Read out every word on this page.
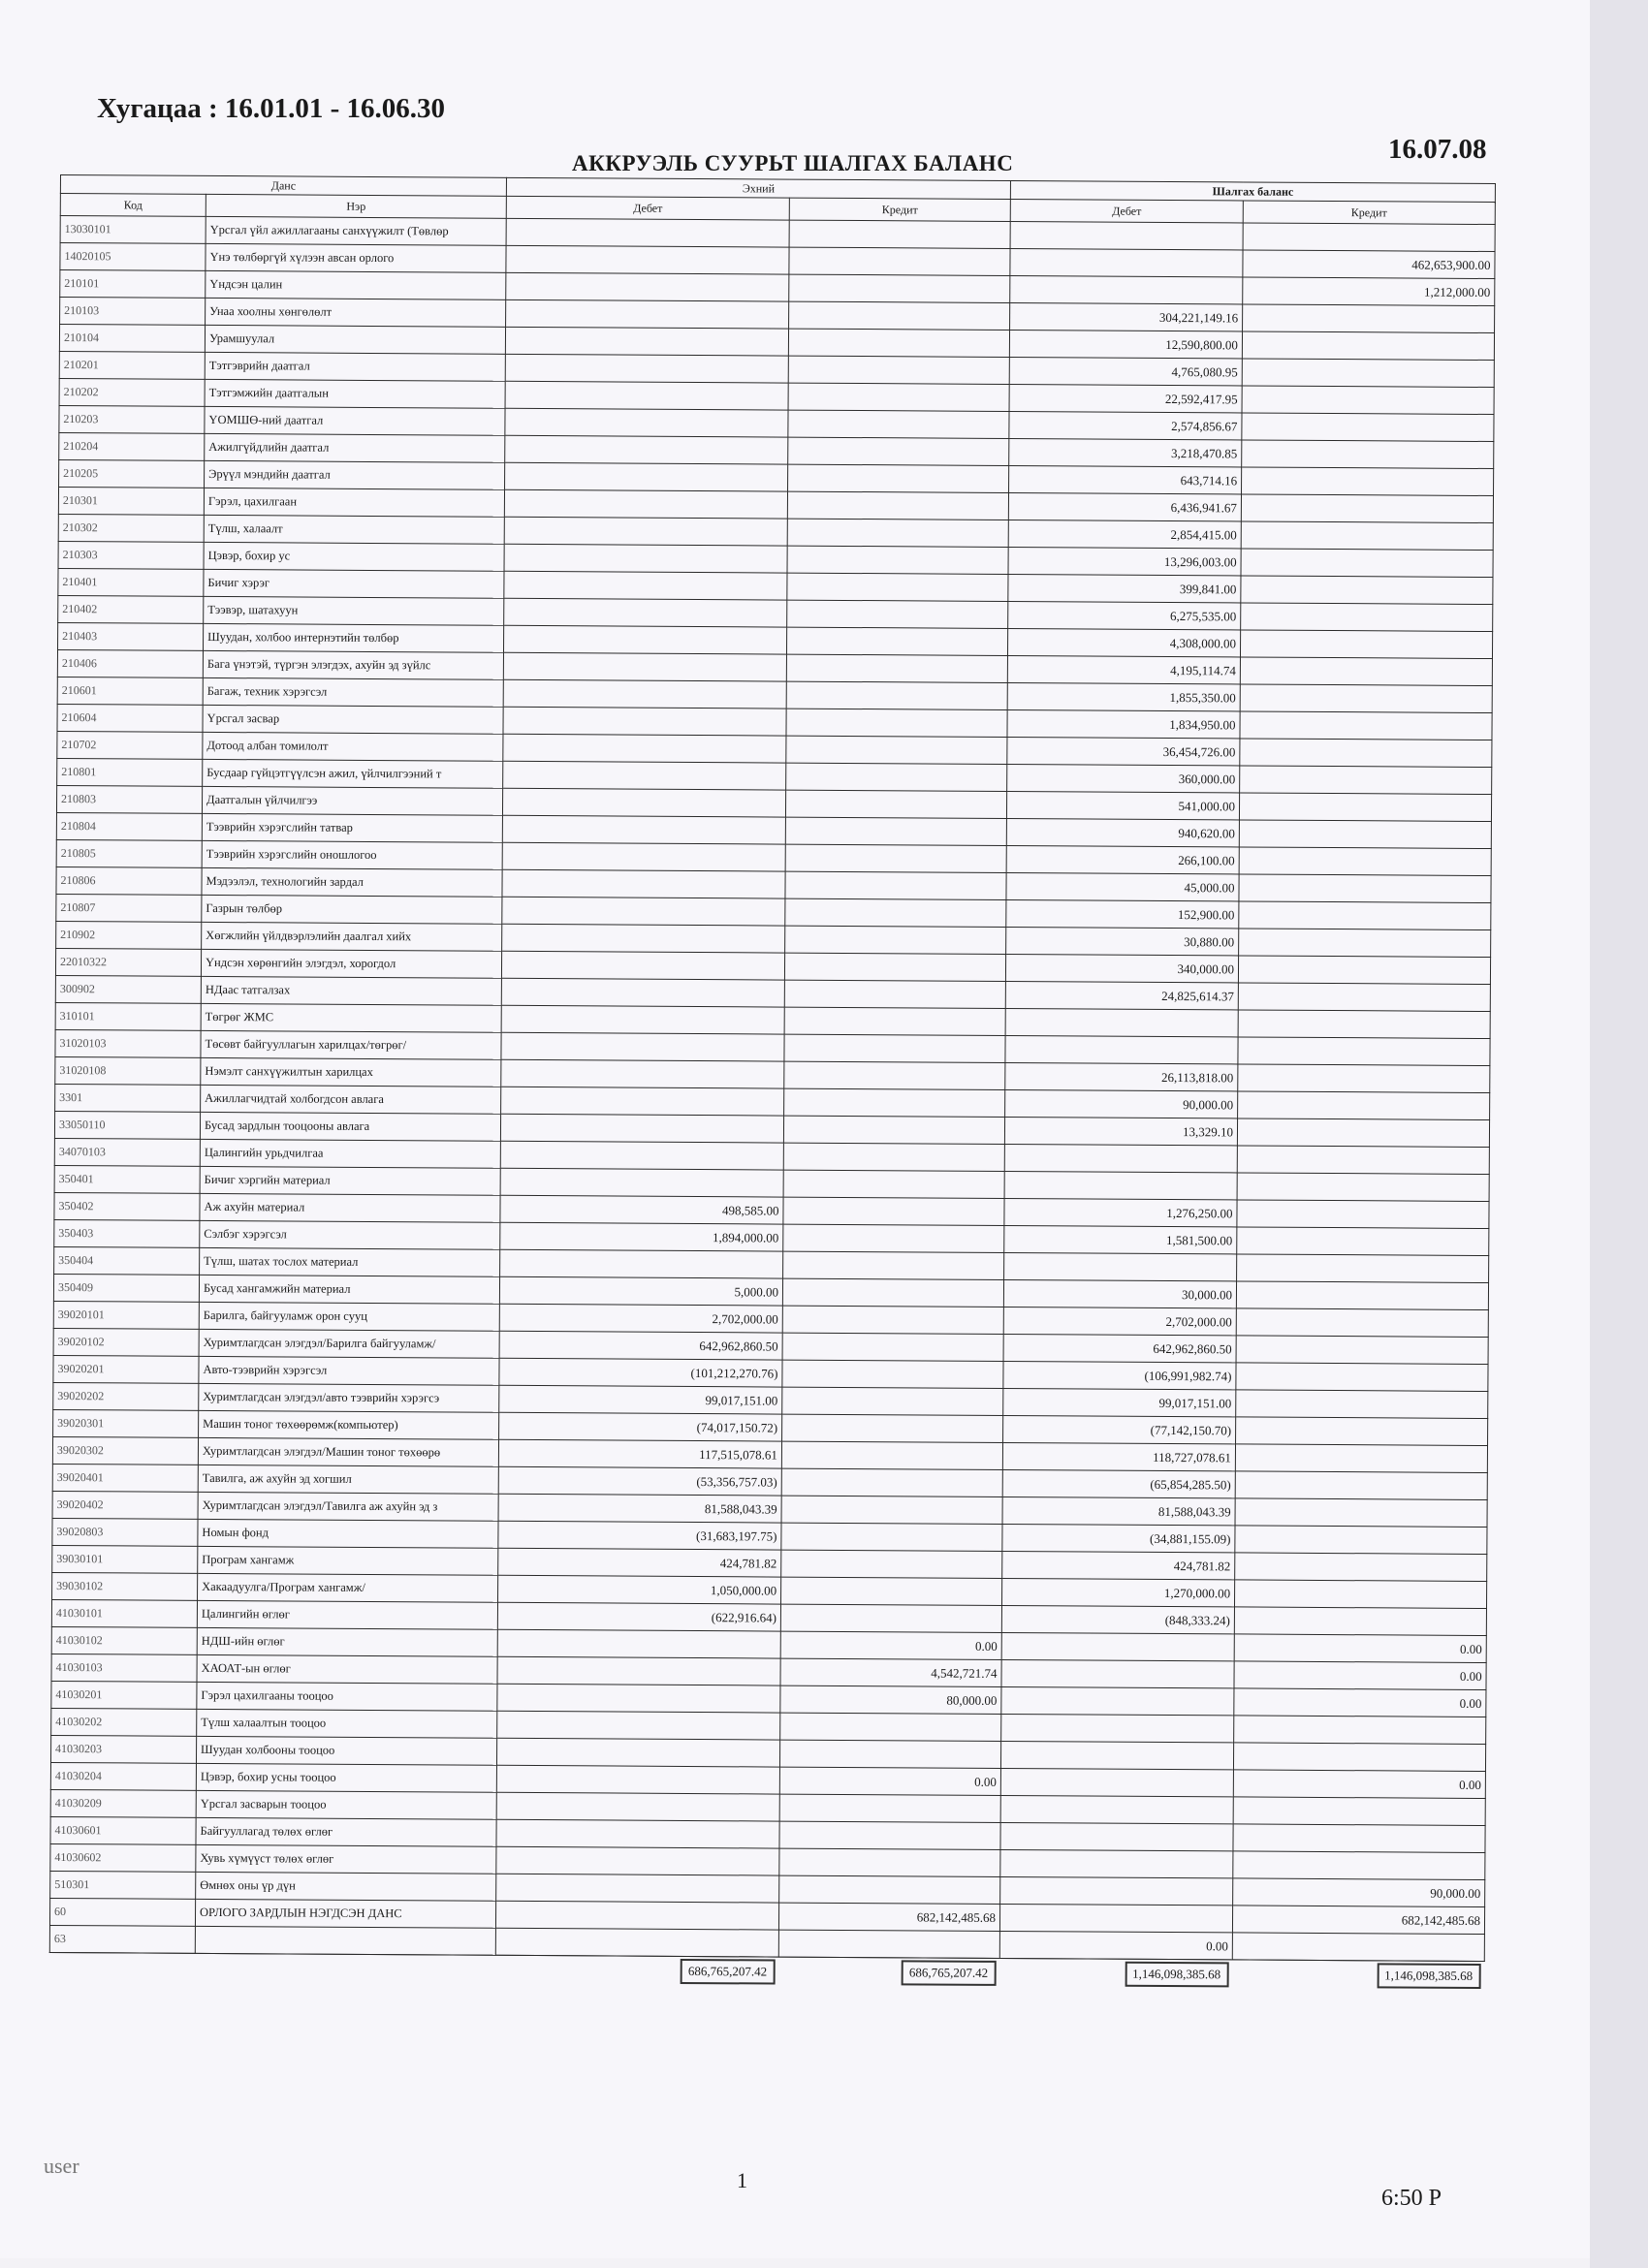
Хугацаа : 16.01.01 - 16.06.30
АККРУЭЛЬ СУУРЬТ ШАЛГАХ БАЛАНС	16.07.08
Данс		Эхний		Шалгах баланс	
Код	Нэр	Дебет	Кредит		
				Дебет	Кредит
13030101	Үрсгал үйл ажиллагааны санхүүжилт (Төвлөр				
14020105	Үнэ төлбөргүй хүлээн авсан орлого				462,653,900.00
210101	Үндсэн цалин				1,212,000.00
210103	Унаа хоолны хөнгөлөлт			304,221,149.16	
210104	Урамшуулал			12,590,800.00	
210201	Тэтгэврийн даатгал			4,765,080.95	
210202	Тэтгэмжийн даатгалын			22,592,417.95	
210203	ҮОМШӨ-ний даатгал			2,574,856.67	
210204	Ажилгүйдлийн даатгал			3,218,470.85	
210205	Эрүүл мэндийн даатгал			643,714.16	
210301	Гэрэл, цахилгаан			6,436,941.67	
210302	Түлш, халаалт			2,854,415.00	
210303	Цэвэр, бохир ус			13,296,003.00	
210401	Бичиг хэрэг			399,841.00	
210402	Тээвэр, шатахуун			6,275,535.00	
210403	Шуудан, холбоо интернэтийн төлбөр			4,308,000.00	
210406	Бага үнэтэй, түргэн элэгдэх, ахуйн эд зүйлс			4,195,114.74	
210601	Багаж, техник хэрэгсэл			1,855,350.00	
210604	Үрсгал засвар			1,834,950.00	
210702	Дотоод албан томилолт			36,454,726.00	
210801	Бусдаар гүйцэтгүүлсэн ажил, үйлчилгээний т			360,000.00	
210803	Даатгалын үйлчилгээ			541,000.00	
210804	Тээврийн хэрэгслийн татвар			940,620.00	
210805	Тээврийн хэрэгслийн оношлогоо			266,100.00	
210806	Мэдээлэл, технологийн зардал			45,000.00	
210807	Газрын төлбөр			152,900.00	
210902	Хөгжлийн үйлдвэрлэлийн даалгал хийх			30,880.00	
22010322	Үндсэн хөрөнгийн элэгдэл, хорогдол			340,000.00	
300902	НДаас татгалзах			24,825,614.37	
310101	Төгрөг ЖМС				
31020103	Төсөвт байгууллагын харилцах/төгрөг/				
31020108	Нэмэлт санхүүжилтын харилцах			26,113,818.00	
3301	Ажиллагчидтай холбогдсон авлага			90,000.00	
33050110	Бусад зардлын тооцооны авлага			13,329.10	
34070103	Цалингийн урьдчилгаа				
350401	Бичиг хэргийн материал				
350402	Аж ахуйн материал	498,585.00		1,276,250.00	
350403	Сэлбэг хэрэгсэл	1,894,000.00		1,581,500.00	
350404	Түлш, шатах тослох материал				
350409	Бусад хангамжийн материал	5,000.00		30,000.00	
39020101	Барилга, байгууламж орон сууц	2,702,000.00		2,702,000.00	
39020102	Хуримтлагдсан элэгдэл/Барилга байгууламж/	642,962,860.50		642,962,860.50	
39020201	Авто-тээврийн хэрэгсэл	(101,212,270.76)		(106,991,982.74)	
39020202	Хуримтлагдсан элэгдэл/авто тээврийн хэрэгсэ	99,017,151.00		99,017,151.00	
39020301	Машин тоног төхөөрөмж(компьютер)	(74,017,150.72)		(77,142,150.70)	
39020302	Хуримтлагдсан элэгдэл/Машин тоног төхөөрө	117,515,078.61		118,727,078.61	
39020401	Тавилга, аж ахуйн эд хогшил	(53,356,757.03)		(65,854,285.50)	
39020402	Хуримтлагдсан элэгдэл/Тавилга аж ахуйн эд з	81,588,043.39		81,588,043.39	
39020803	Номын фонд	(31,683,197.75)		(34,881,155.09)	
39030101	Програм хангамж	424,781.82		424,781.82	
39030102	Хакаадуулга/Програм хангамж/	1,050,000.00		1,270,000.00	
41030101	Цалингийн өглөг	(622,916.64)		(848,333.24)	
41030102	НДШ-ийн өглөг		0.00		0.00
41030103	ХАОАТ-ын өглөг		4,542,721.74		0.00
41030201	Гэрэл цахилгааны тооцоо		80,000.00		0.00
41030202	Түлш халаалтын тооцоо				
41030203	Шуудан холбооны тооцоо				
41030204	Цэвэр, бохир усны тооцоо		0.00		0.00
41030209	Үрсгал засварын тооцоо				
41030601	Байгууллагад төлөх өглөг				
41030602	Хувь хүмүүст төлөх өглөг				
510301	Өмнөх оны үр дүн				90,000.00
60	ОРЛОГО ЗАРДЛЫН НЭГДСЭН ДАНС		682,142,485.68		682,142,485.68
63				0.00	
		686,765,207.42	686,765,207.42	1,146,098,385.68	1,146,098,385.68
user
1
6:50 P
